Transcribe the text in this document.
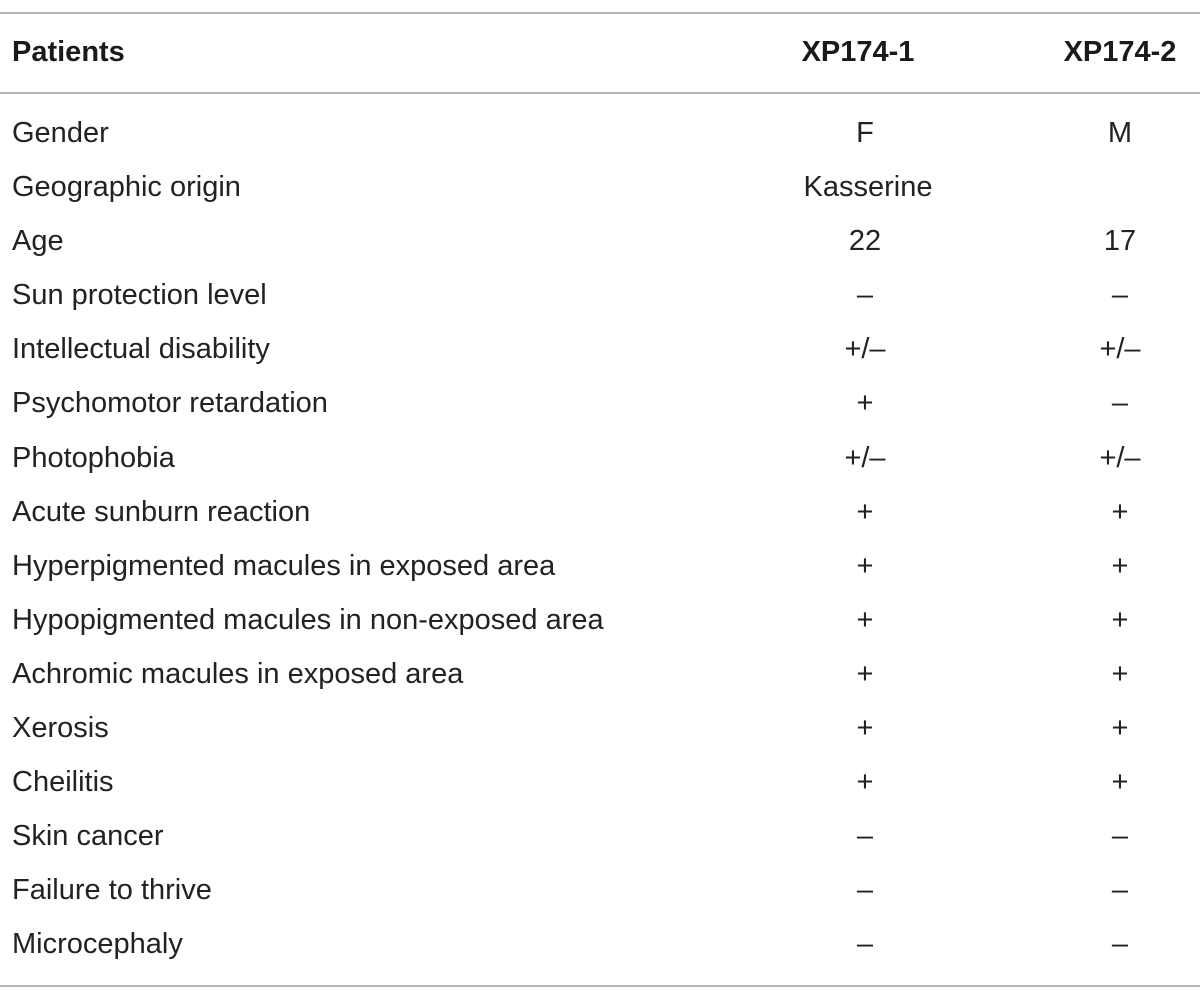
Patients	XP174-1	XP174-2
Gender	F	M
Geographic origin	Kasserine
Age	22	17
Sun protection level	–	–
Intellectual disability	+/–	+/–
Psychomotor retardation	+	–
Photophobia	+/–	+/–
Acute sunburn reaction	+	+
Hyperpigmented macules in exposed area	+	+
Hypopigmented macules in non-exposed area	+	+
Achromic macules in exposed area	+	+
Xerosis	+	+
Cheilitis	+	+
Skin cancer	–	–
Failure to thrive	–	–
Microcephaly	–	–
